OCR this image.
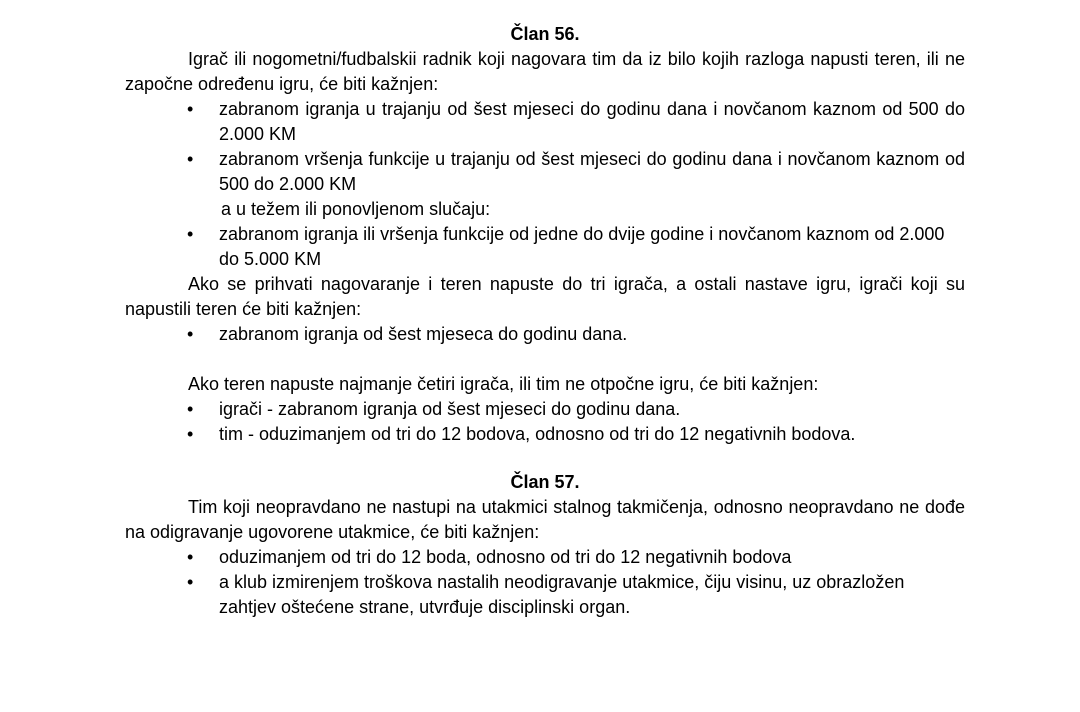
Član 56.

Igrač ili nogometni/fudbalskii radnik koji nagovara tim da iz bilo kojih razloga napusti teren, ili ne započne određenu igru, će biti kažnjen:

• zabranom igranja u trajanju od šest mjeseci do godinu dana i novčanom kaznom od 500 do 2.000 KM
• zabranom vršenja funkcije u trajanju od šest mjeseci do godinu dana i novčanom kaznom od 500 do 2.000 KM

a u težem ili ponovljenom slučaju:

• zabranom igranja ili vršenja funkcije od jedne do dvije godine i novčanom kaznom od 2.000 do 5.000 KM

Ako se prihvati nagovaranje i teren napuste do tri igrača, a ostali nastave igru, igrači koji su napustili teren će biti kažnjen:

• zabranom igranja od šest mjeseca do godinu dana.

Ako teren napuste najmanje četiri igrača, ili tim ne otpočne igru, će biti kažnjen:

• igrači - zabranom igranja od šest mjeseci do godinu dana.
• tim - oduzimanjem od tri do 12 bodova, odnosno od tri do 12 negativnih bodova.

Član 57.

Tim koji neopravdano ne nastupi na utakmici stalnog takmičenja, odnosno neopravdano ne dođe na odigravanje ugovorene utakmice, će biti kažnjen:

• oduzimanjem od tri do 12 boda, odnosno od tri do 12 negativnih bodova
• a klub izmirenjem troškova nastalih neodigravanje utakmice, čiju visinu, uz obrazložen zahtjev oštećene strane, utvrđuje disciplinski organ.
